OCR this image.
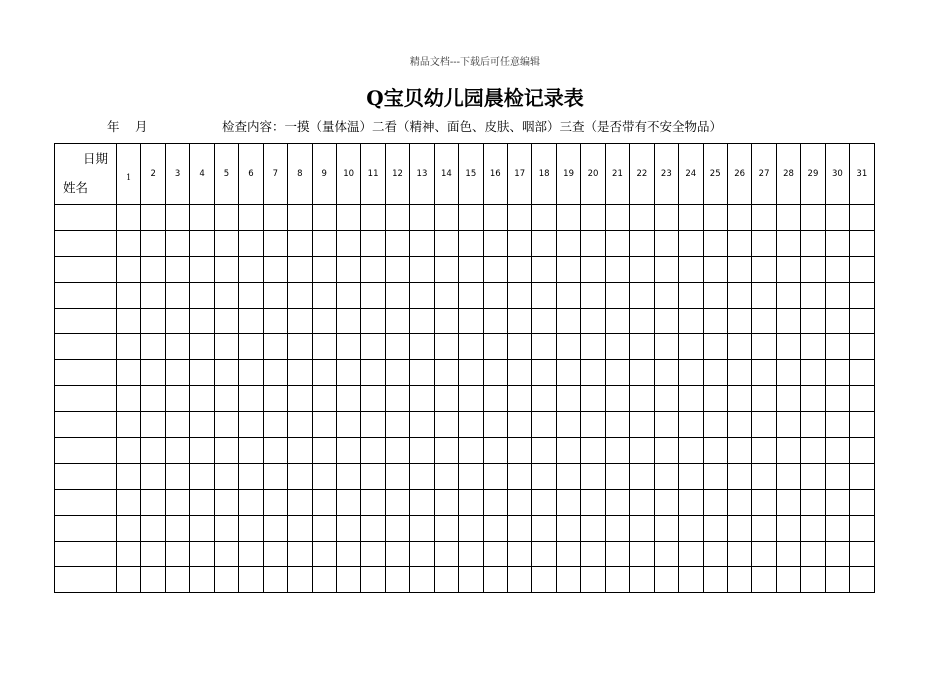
精品文档---下载后可任意编辑
Q宝贝幼儿园晨检记录表
年 月	检查内容：一摸（量体温）二看（精神、面色、皮肤、咽部）三查（是否带有不安全物品）
日期
姓名	1	2	3	4	5	6	7	8	9	10	11	12	13	14	15	16	17	18	19	20	21	22	23	24	25	26	27	28	29	30	31
